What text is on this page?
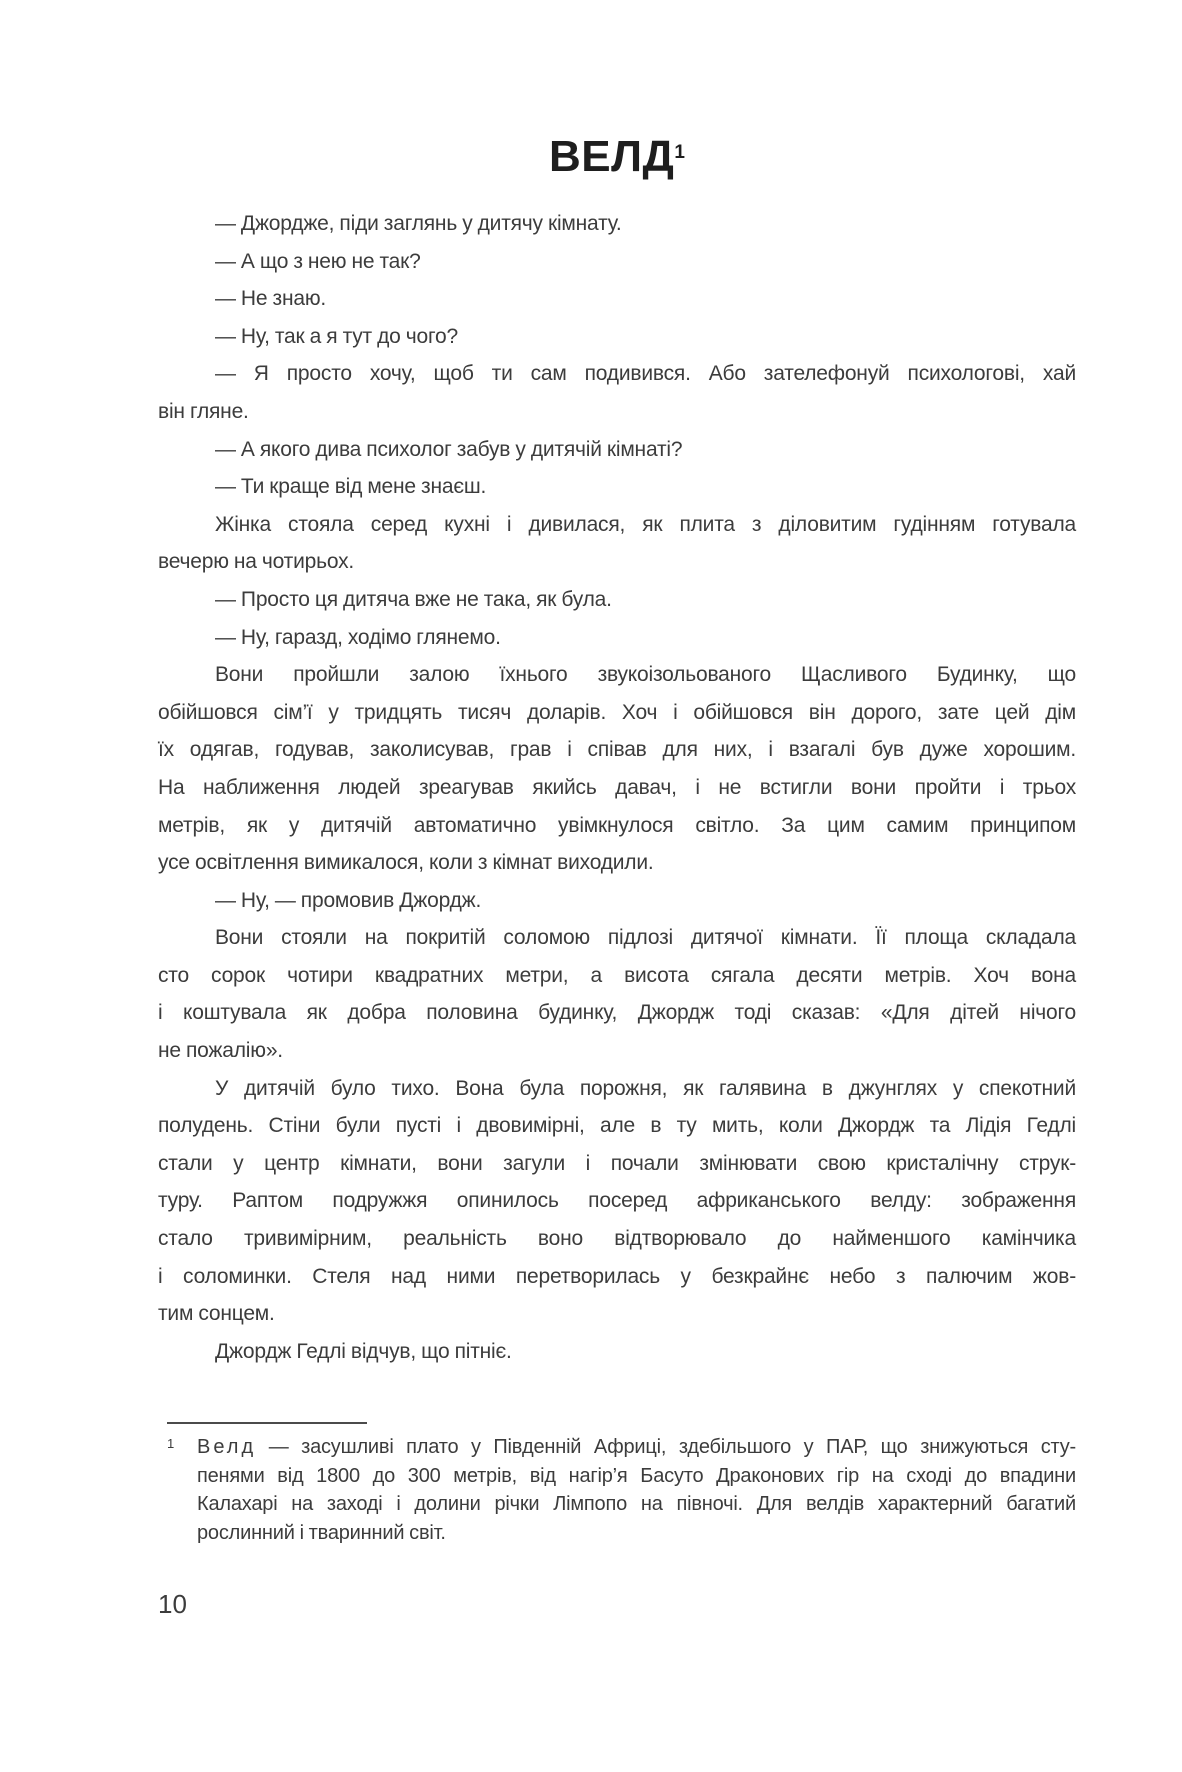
ВЕЛД$^1$
— Джордже, піди заглянь у дитячу кімнату.
— А що з нею не так?
— Не знаю.
— Ну, так а я тут до чого?
— Я просто хочу, щоб ти сам подивився. Або зателефонуй психологові, хай
він гляне.
— А якого дива психолог забув у дитячій кімнаті?
— Ти краще від мене знаєш.
Жінка стояла серед кухні і дивилася, як плита з діловитим гудінням готувала
вечерю на чотирьох.
— Просто ця дитяча вже не така, як була.
— Ну, гаразд, ходімо глянемо.
Вони пройшли залою їхнього звукоізольованого Щасливого Будинку, що
обійшовся сім’ї у тридцять тисяч доларів. Хоч і обійшовся він дорого, зате цей дім
їх одягав, годував, заколисував, грав і співав для них, і взагалі був дуже хорошим.
На наближення людей зреагував якийсь давач, і не встигли вони пройти і трьох
метрів, як у дитячій автоматично увімкнулося світло. За цим самим принципом
усе освітлення вимикалося, коли з кімнат виходили.
— Ну, — промовив Джордж.
Вони стояли на покритій соломою підлозі дитячої кімнати. Її площа складала
сто сорок чотири квадратних метри, а висота сягала десяти метрів. Хоч вона
і коштувала як добра половина будинку, Джордж тоді сказав: «Для дітей нічого
не пожалію».
У дитячій було тихо. Вона була порожня, як галявина в джунглях у спекотний
полудень. Стіни були пусті і двовимірні, але в ту мить, коли Джордж та Лідія Гедлі
стали у центр кімнати, вони загули і почали змінювати свою кристалічну струк-
туру. Раптом подружжя опинилось посеред африканського велду: зображення
стало тривимірним, реальність воно відтворювало до найменшого камінчика
і соломинки. Стеля над ними перетворилась у безкрайнє небо з палючим жов-
тим сонцем.
Джордж Гедлі відчув, що пітніє.
1	Велд — засушливі плато у Південній Африці, здебільшого у ПАР, що знижуються сту-
пенями від 1800 до 300 метрів, від нагір’я Басуто Драконових гір на сході до впадини
Калахарі на заході і долини річки Лімпопо на півночі. Для велдів характерний багатий
рослинний і тваринний світ.
10
